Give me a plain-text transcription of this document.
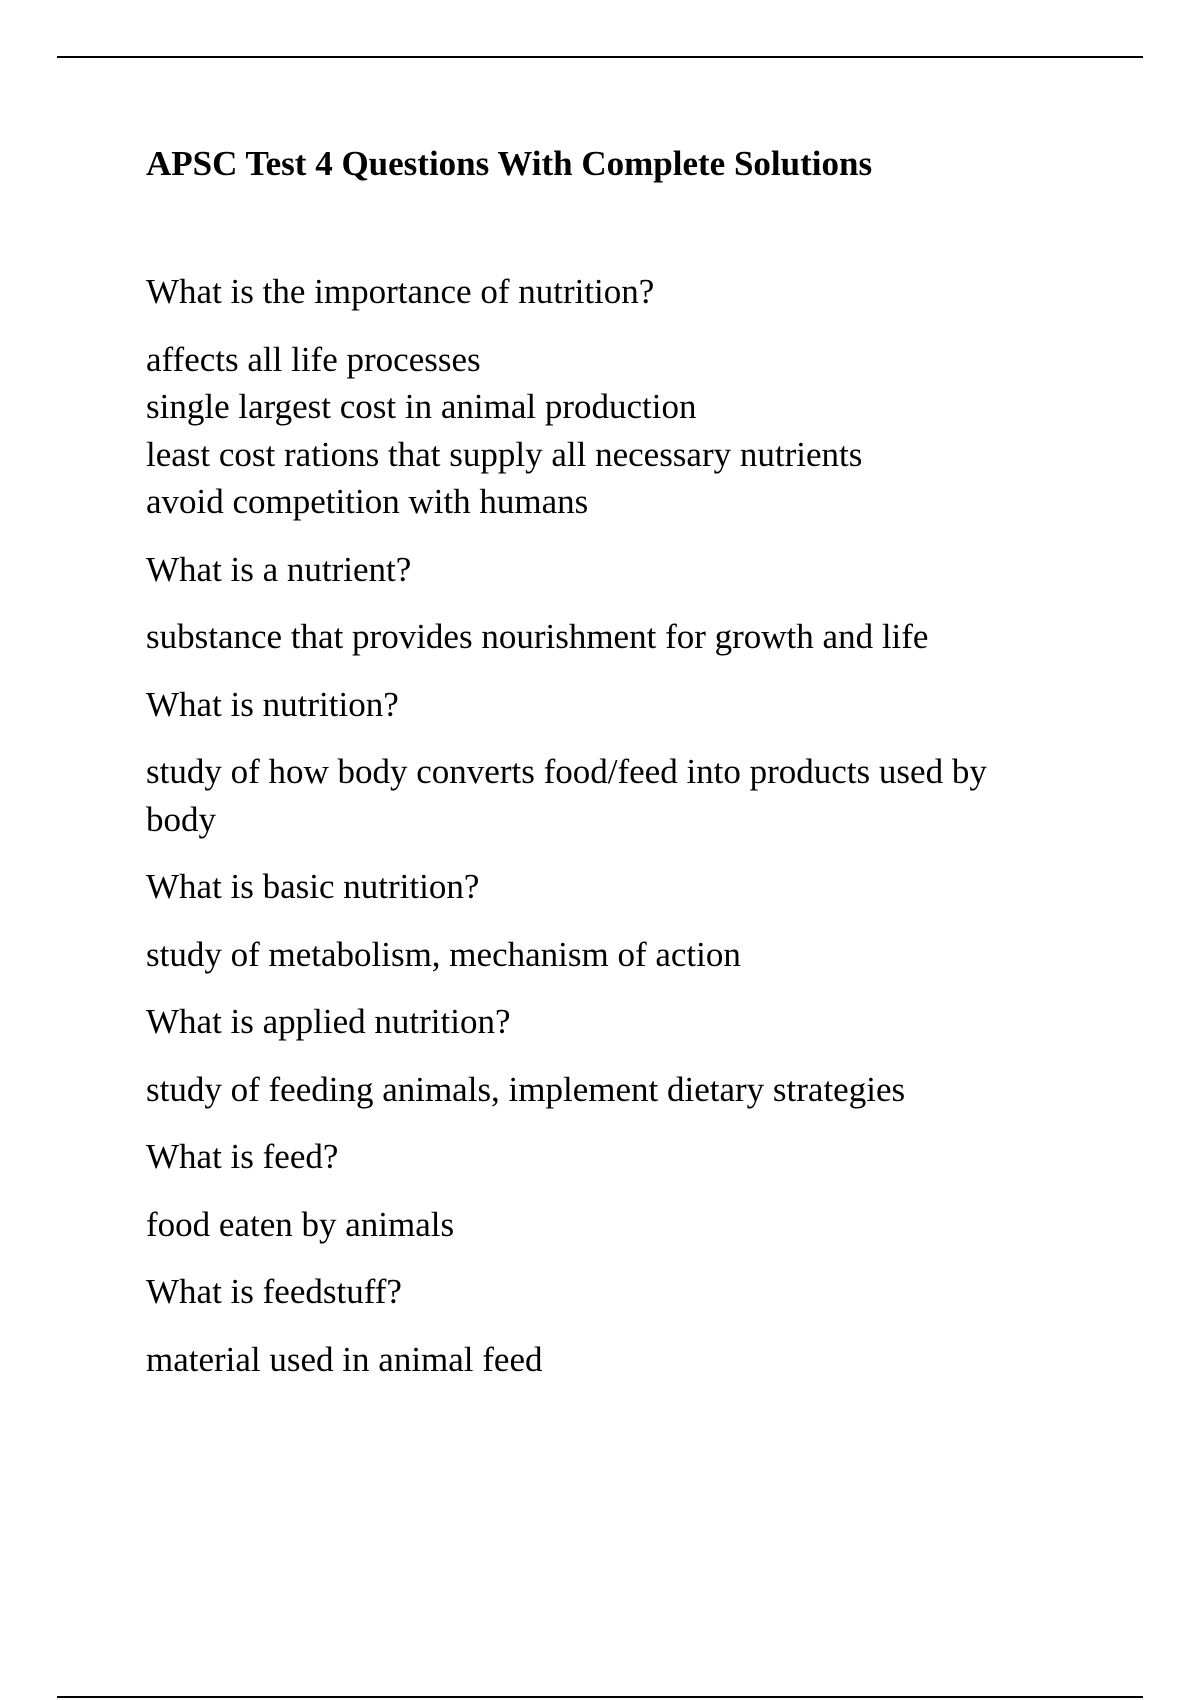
APSC Test 4 Questions With Complete Solutions

What is the importance of nutrition?

affects all life processes

single largest cost in animal production

least cost rations that supply all necessary nutrients

avoid competition with humans

What is a nutrient?

substance that provides nourishment for growth and life

What is nutrition?

study of how body converts food/feed into products used by body

What is basic nutrition?

study of metabolism, mechanism of action

What is applied nutrition?

study of feeding animals, implement dietary strategies

What is feed?

food eaten by animals

What is feedstuff?

material used in animal feed
